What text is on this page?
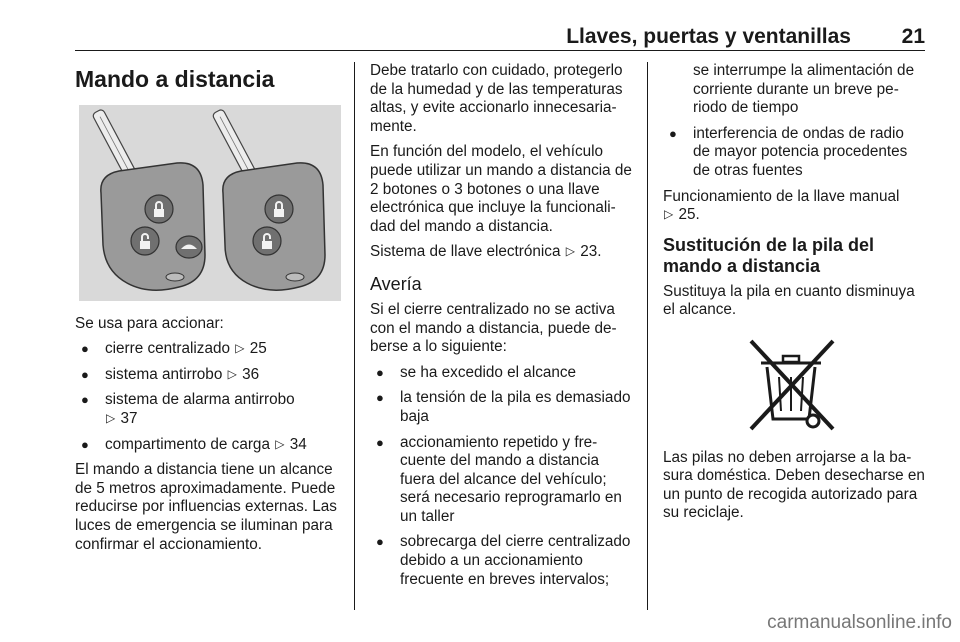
Llaves, puertas y ventanillas 21
Mando a distancia

Se usa para accionar:

● cierre centralizado ▷ 25
● sistema antirrobo ▷ 36
● sistema de alarma antirrobo
▷ 37
● compartimento de carga ▷ 34

El mando a distancia tiene un alcance de 5 metros aproximadamente. Puede reducirse por influencias externas. Las luces de emergencia se iluminan para confirmar el accionamiento.

Debe tratarlo con cuidado, protegerlo de la humedad y de las temperaturas altas, y evite accionarlo innecesariamente.

En función del modelo, el vehículo puede utilizar un mando a distancia de 2 botones o 3 botones o una llave electrónica que incluye la funcionalidad del mando a distancia.

Sistema de llave electrónica ▷ 23.

Avería

Si el cierre centralizado no se activa con el mando a distancia, puede deberse a lo siguiente:

● se ha excedido el alcance
● la tensión de la pila es demasiado baja
● accionamiento repetido y frecuente del mando a distancia fuera del alcance del vehículo; será necesario reprogramarlo en un taller
● sobrecarga del cierre centralizado debido a un accionamiento frecuente en breves intervalos;

se interrumpe la alimentación de corriente durante un breve periodo de tiempo

● interferencia de ondas de radio de mayor potencia procedentes de otras fuentes

Funcionamiento de la llave manual
▷ 25.

Sustitución de la pila del mando a distancia

Sustituya la pila en cuanto disminuya el alcance.

Las pilas no deben arrojarse a la basura doméstica. Deben desecharse en un punto de recogida autorizado para su reciclaje.

carmanualsonline.info
